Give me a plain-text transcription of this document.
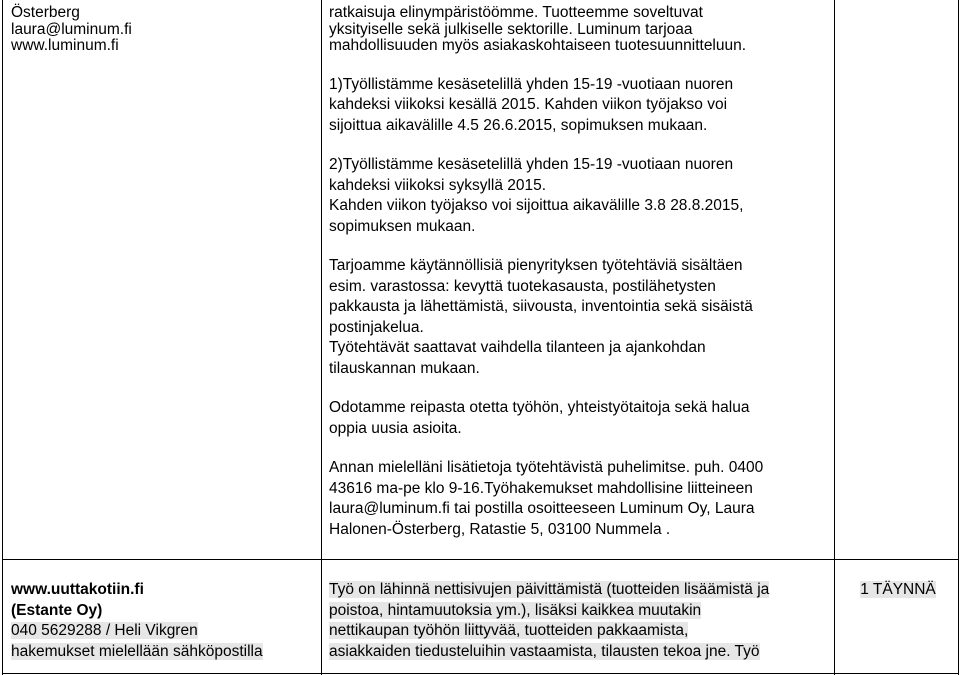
Österberg

laura@luminum.fi

www.luminum.fi

ratkaisuja elinympäristöömme. Tuotteemme soveltuvat

yksityiselle sekä julkiselle sektorille. Luminum tarjoaa

mahdollisuuden myös asiakaskohtaiseen tuotesuunnitteluun.

1)Työllistämme kesäsetelillä yhden 15-19 -vuotiaan nuoren

kahdeksi viikoksi kesällä 2015. Kahden viikon työjakso voi

sijoittua aikavälille 4.5 26.6.2015, sopimuksen mukaan.

2)Työllistämme kesäsetelillä yhden 15-19 -vuotiaan nuoren

kahdeksi viikoksi syksyllä 2015.

Kahden viikon työjakso voi sijoittua aikavälille 3.8 28.8.2015,

sopimuksen mukaan.

Tarjoamme käytännöllisiä pienyrityksen työtehtäviä sisältäen

esim. varastossa: kevyttä tuotekasausta, postilähetysten

pakkausta ja lähettämistä, siivousta, inventointia sekä sisäistä

postinjakelua.

Työtehtävät saattavat vaihdella tilanteen ja ajankohdan

tilauskannan mukaan.

Odotamme reipasta otetta työhön, yhteistyötaitoja sekä halua

oppia uusia asioita.

Annan mielelläni lisätietoja työtehtävistä puhelimitse. puh. 0400

43616 ma-pe klo 9-16.Työhakemukset mahdollisine liitteineen

laura@luminum.fi tai postilla osoitteeseen Luminum Oy, Laura

Halonen-Österberg, Ratastie 5, 03100 Nummela .

www.uuttakotiin.fi

(Estante Oy)

040 5629288 / Heli Vikgren

hakemukset mielellään sähköpostilla

Työ on lähinnä nettisivujen päivittämistä (tuotteiden lisäämistä ja

poistoa, hintamuutoksia ym.), lisäksi kaikkea muutakin

nettikaupan työhön liittyvää, tuotteiden pakkaamista,

asiakkaiden tiedusteluihin vastaamista, tilausten tekoa jne. Työ

1 TÄYNNÄ
